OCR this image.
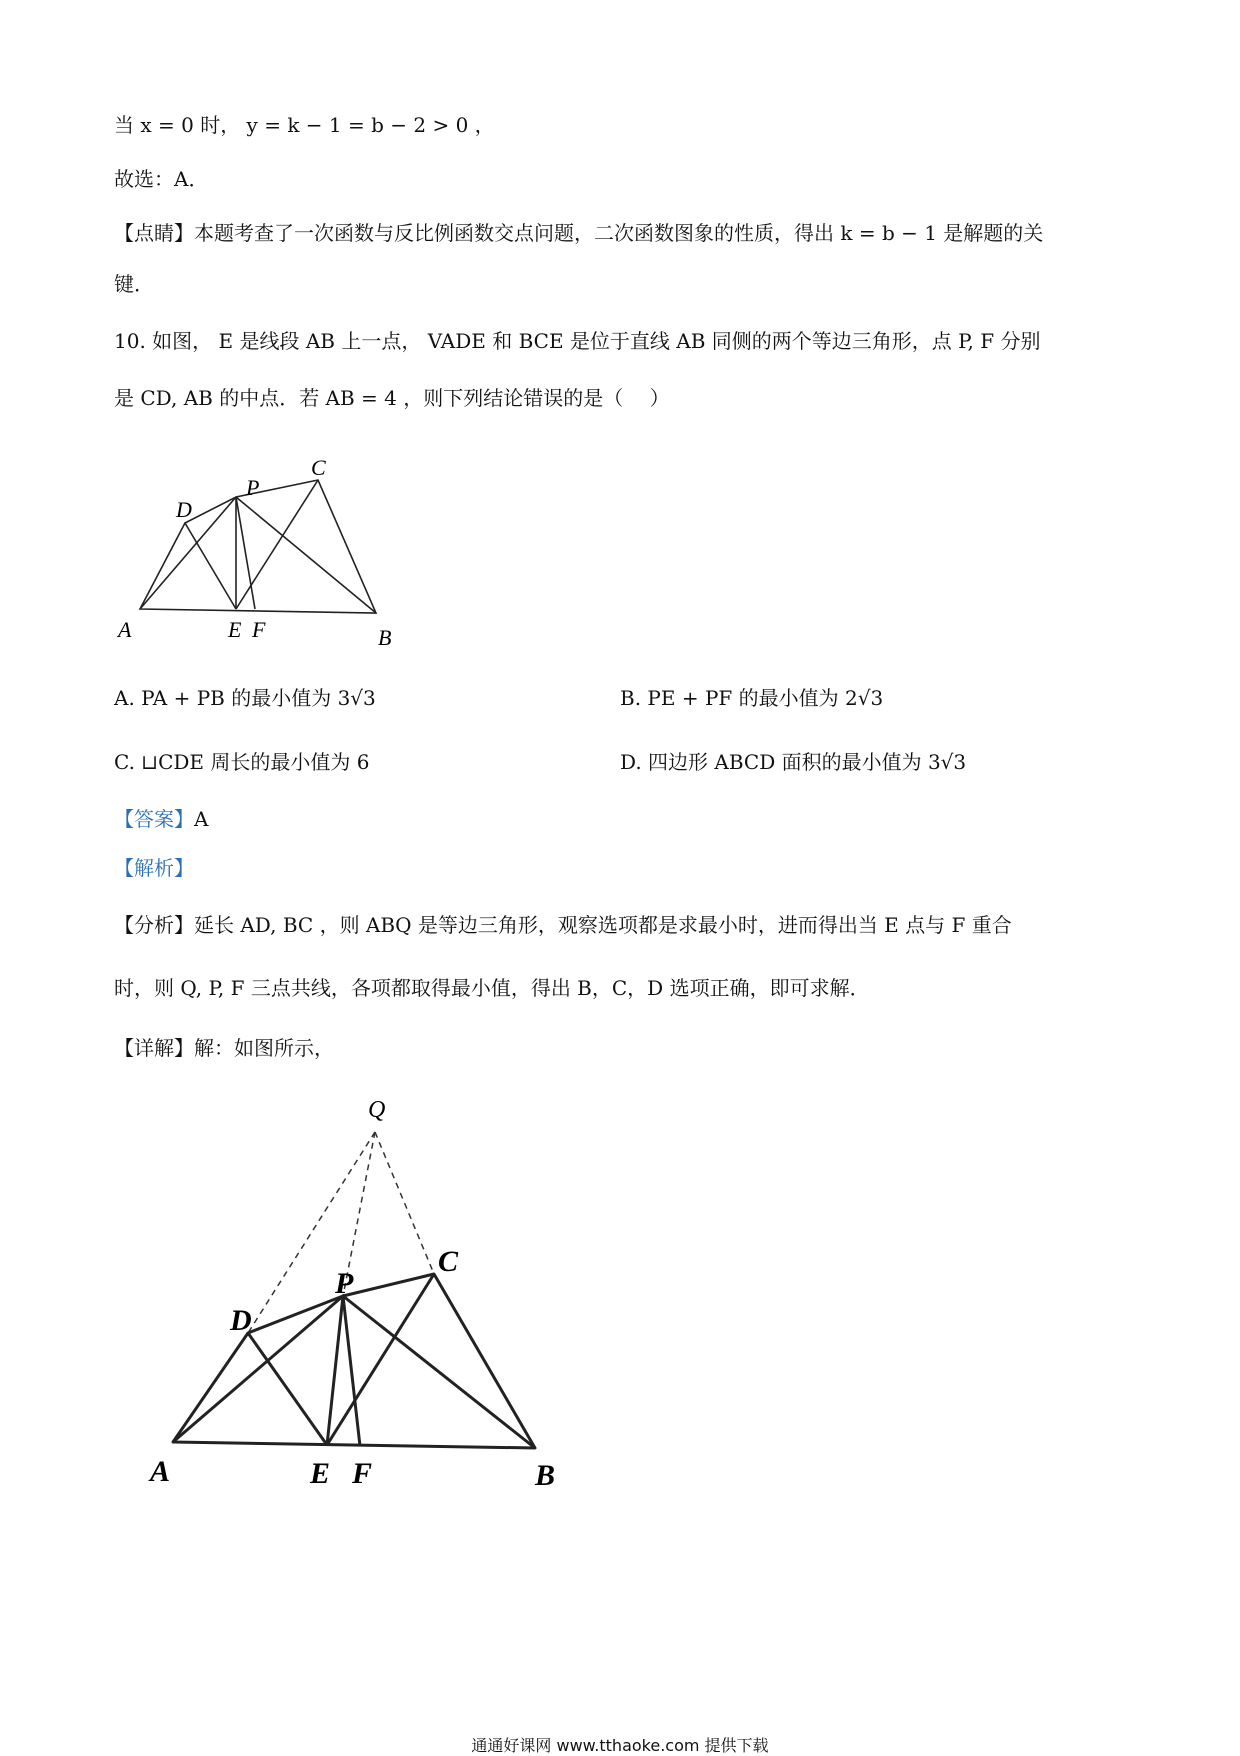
当 x = 0 时， y = k − 1 = b − 2 > 0 ，
故选：A．
【点睛】本题考查了一次函数与反比例函数交点问题，二次函数图象的性质，得出 k = b − 1 是解题的关
键．
10. 如图， E 是线段 AB 上一点， VADE 和 BCE 是位于直线 AB 同侧的两个等边三角形，点 P, F 分别
是 CD, AB 的中点．若 AB = 4 ，则下列结论错误的是（　 ）
A
D
P
C
E F	B
A. PA + PB 的最小值为 3√3	B. PE + PF 的最小值为 2√3
C. ⊔CDE 周长的最小值为 6	D. 四边形 ABCD 面积的最小值为 3√3
【答案】A
【解析】
【分析】延长 AD, BC ，则 ABQ 是等边三角形，观察选项都是求最小时，进而得出当 E 点与 F 重合
时，则 Q, P, F 三点共线，各项都取得最小值，得出 B，C，D 选项正确，即可求解．
【详解】解：如图所示，
Q
D
P
C
A	E F	B
通通好课网 www.tthaoke.com 提供下载
